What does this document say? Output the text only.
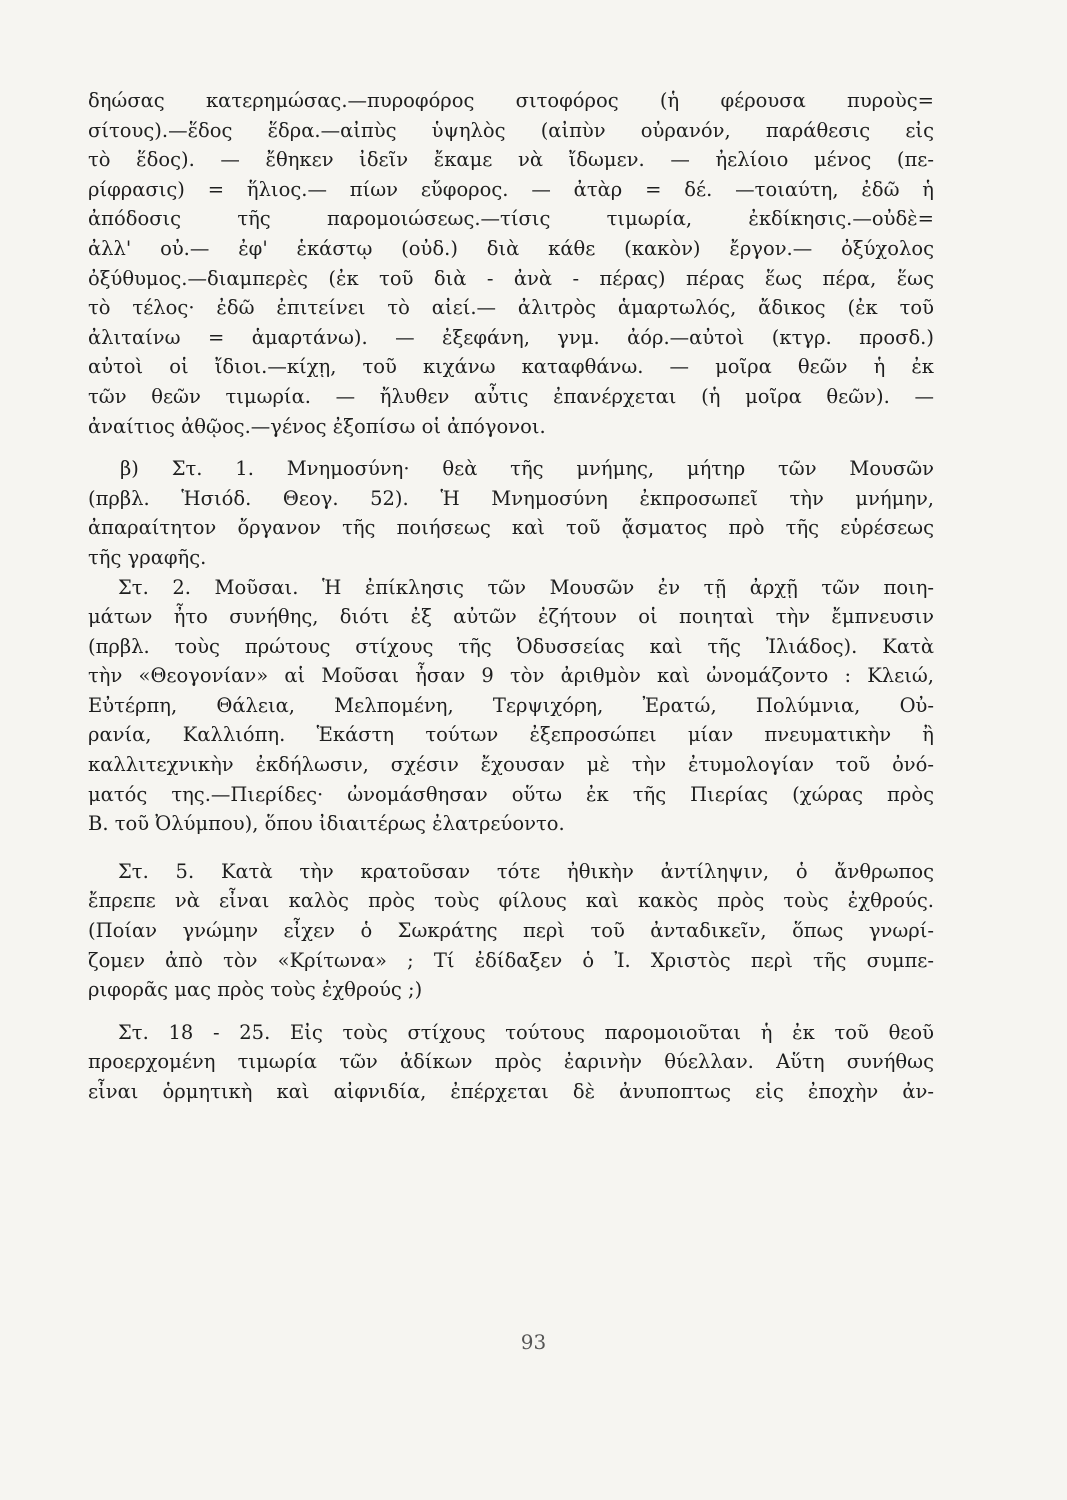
δηώσας κατερημώσας.—πυροφόρος σιτοφόρος (ἡ φέρουσα πυροὺς=
σίτους).—ἕδος ἕδρα.—αἰπὺς ὑψηλὸς (αἰπὺν οὐρανόν, παράθεσις εἰς
τὸ ἕδος). — ἔθηκεν ἰδεῖν ἔκαμε νὰ ἴδωμεν. — ἠελίοιο μένος (πε-
ρίφρασις) = ἥλιος.— πίων εὔφορος. — ἀτὰρ = δέ. —τοιαύτη, ἐδῶ ἡ
ἀπόδοσις τῆς παρομοιώσεως.—τίσις τιμωρία, ἐκδίκησις.—οὐδὲ=
ἀλλ' οὐ.— ἐφ' ἑκάστῳ (οὐδ.) διὰ κάθε (κακὸν) ἔργον.— ὀξύχολος
ὀξύθυμος.—διαμπερὲς (ἐκ τοῦ διὰ - ἀνὰ - πέρας) πέρας ἕως πέρα, ἕως
τὸ τέλος· ἐδῶ ἐπιτείνει τὸ αἰεί.— ἀλιτρὸς ἁμαρτωλός, ἄδικος (ἐκ τοῦ
ἀλιταίνω = ἁμαρτάνω). — ἐξεφάνη, γνμ. ἀόρ.—αὐτοὶ (κτγρ. προσδ.)
αὐτοὶ οἱ ἴδιοι.—κίχῃ, τοῦ κιχάνω καταφθάνω. — μοῖρα θεῶν ἡ ἐκ
τῶν θεῶν τιμωρία. — ἤλυθεν αὖτις ἐπανέρχεται (ἡ μοῖρα θεῶν). —
ἀναίτιος ἀθῷος.—γένος ἐξοπίσω οἱ ἀπόγονοι.
β) Στ. 1. Μνημοσύνη· θεὰ τῆς μνήμης, μήτηρ τῶν Μουσῶν
(πρβλ. Ἡσιόδ. Θεογ. 52). Ἡ Μνημοσύνη ἐκπροσωπεῖ τὴν μνήμην,
ἀπαραίτητον ὄργανον τῆς ποιήσεως καὶ τοῦ ᾄσματος πρὸ τῆς εὑρέσεως
τῆς γραφῆς.
Στ. 2. Μοῦσαι. Ἡ ἐπίκλησις τῶν Μουσῶν ἐν τῇ ἀρχῇ τῶν ποιη-
μάτων ἦτο συνήθης, διότι ἐξ αὐτῶν ἐζήτουν οἱ ποιηταὶ τὴν ἔμπνευσιν
(πρβλ. τοὺς πρώτους στίχους τῆς Ὀδυσσείας καὶ τῆς Ἰλιάδος). Κατὰ
τὴν «Θεογονίαν» αἱ Μοῦσαι ἦσαν 9 τὸν ἀριθμὸν καὶ ὠνομάζοντο : Κλειώ,
Εὐτέρπη, Θάλεια, Μελπομένη, Τερψιχόρη, Ἐρατώ, Πολύμνια, Οὐ-
ρανία, Καλλιόπη. Ἑκάστη τούτων ἐξεπροσώπει μίαν πνευματικὴν ἢ
καλλιτεχνικὴν ἐκδήλωσιν, σχέσιν ἔχουσαν μὲ τὴν ἐτυμολογίαν τοῦ ὀνό-
ματός της.—Πιερίδες· ὠνομάσθησαν οὕτω ἐκ τῆς Πιερίας (χώρας πρὸς
Β. τοῦ Ὀλύμπου), ὅπου ἰδιαιτέρως ἐλατρεύοντο.
Στ. 5. Κατὰ τὴν κρατοῦσαν τότε ἠθικὴν ἀντίληψιν, ὁ ἄνθρωπος
ἔπρεπε νὰ εἶναι καλὸς πρὸς τοὺς φίλους καὶ κακὸς πρὸς τοὺς ἐχθρούς.
(Ποίαν γνώμην εἶχεν ὁ Σωκράτης περὶ τοῦ ἀνταδικεῖν, ὅπως γνωρί-
ζομεν ἀπὸ τὸν «Κρίτωνα» ; Τί ἐδίδαξεν ὁ Ἰ. Χριστὸς περὶ τῆς συμπε-
ριφορᾶς μας πρὸς τοὺς ἐχθρούς ;)
Στ. 18 - 25. Εἰς τοὺς στίχους τούτους παρομοιοῦται ἡ ἐκ τοῦ θεοῦ
προερχομένη τιμωρία τῶν ἀδίκων πρὸς ἐαρινὴν θύελλαν. Αὕτη συνήθως
εἶναι ὁρμητικὴ καὶ αἰφνιδία, ἐπέρχεται δὲ ἀνυποπτως εἰς ἐποχὴν ἀν-
93
